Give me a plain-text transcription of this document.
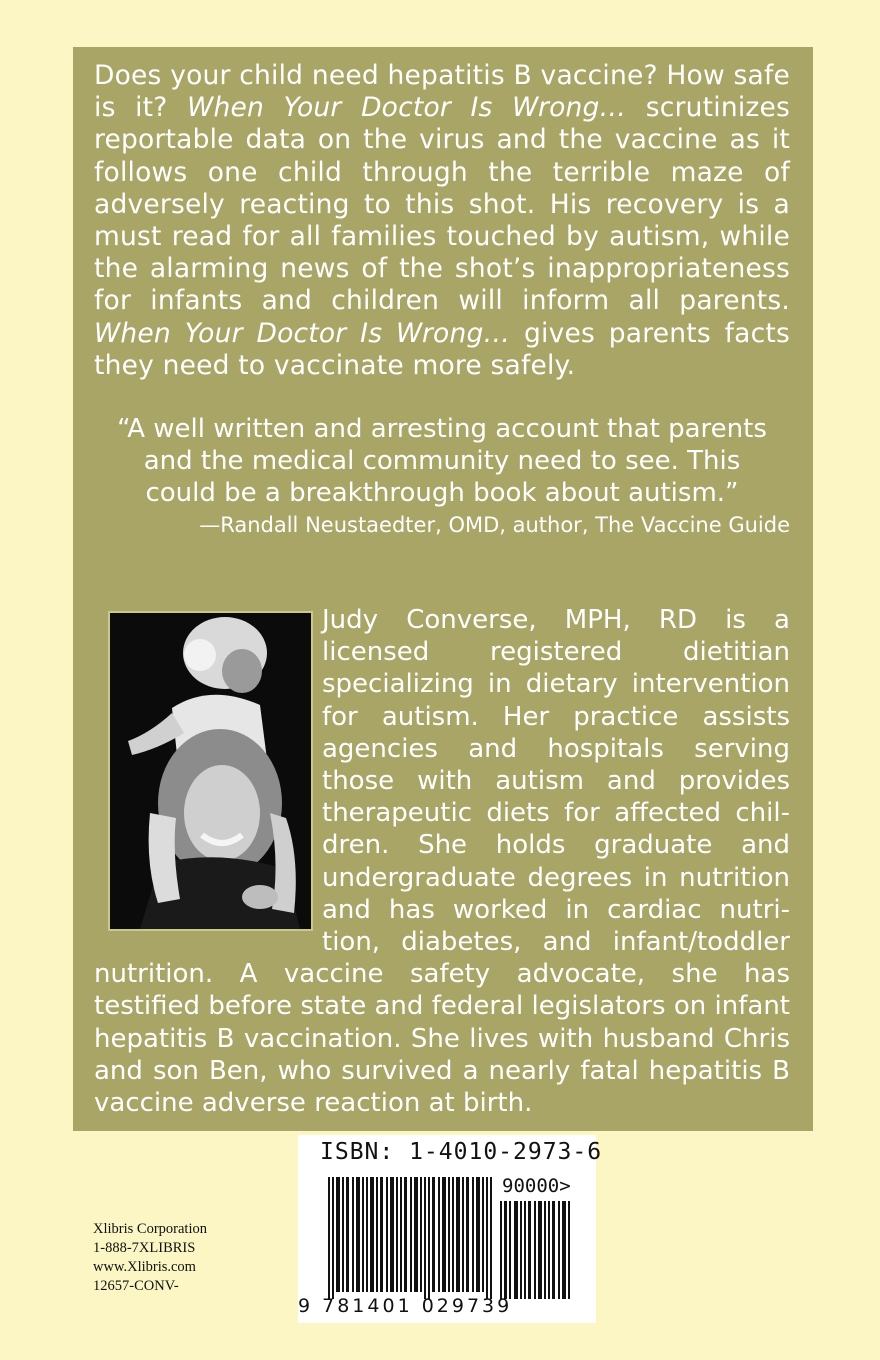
Does your child need hepatitis B vaccine? How safe is it? When Your Doctor Is Wrong… scrutinizes reportable data on the virus and the vaccine as it follows one child through the terrible maze of adversely reacting to this shot. His recovery is a must read for all families touched by autism, while the alarming news of the shot’s inappropriateness for infants and children will inform all parents. When Your Doctor Is Wrong… gives parents facts they need to vaccinate more safely.

“A well written and arresting account that parents
and the medical community need to see. This
could be a breakthrough book about autism.”
—Randall Neustaedter, OMD, author, The Vaccine Guide
Judy Converse, MPH, RD is a licensed registered dietitian specializing in dietary intervention for autism. Her practice assists agencies and hospitals serving those with autism and provides therapeutic diets for affected chil-dren. She holds graduate and undergraduate degrees in nutrition and has worked in cardiac nutri-tion, diabetes, and infant/toddler nutrition. A vaccine safety advocate, she has testified before state and federal legislators on infant hepatitis B vaccination. She lives with husband Chris and son Ben, who survived a nearly fatal hepatitis B vaccine adverse reaction at birth.
ISBN: 1-4010-2973-6
90000>
9 781401 029739
Xlibris Corporation
1-888-7XLIBRIS
www.Xlibris.com
12657-CONV-
